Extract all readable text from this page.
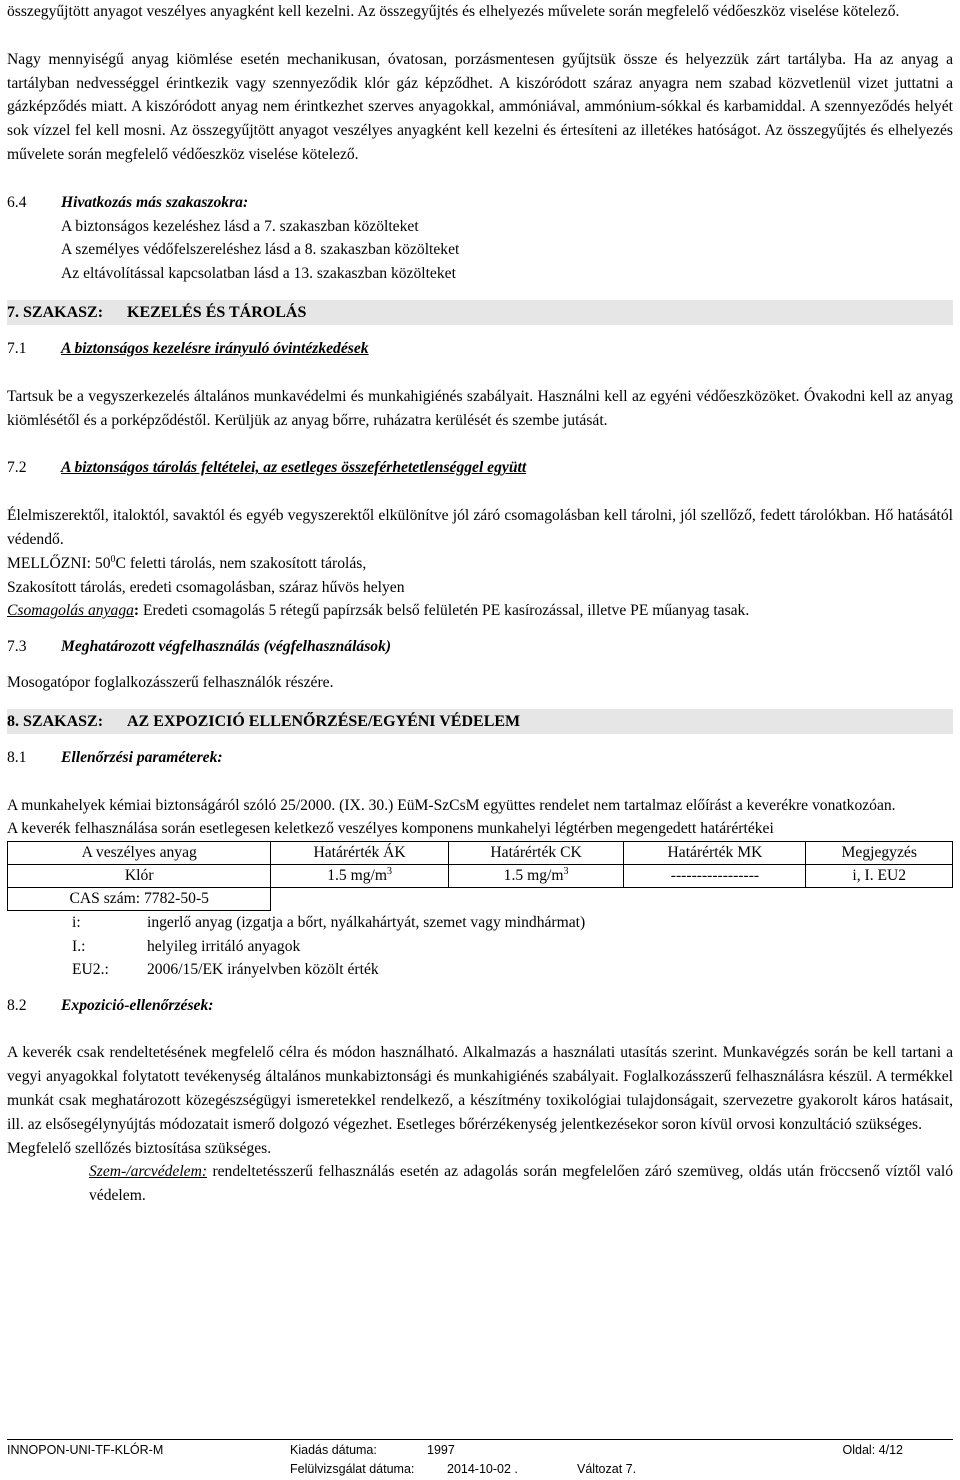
összegyűjtött anyagot veszélyes anyagként kell kezelni. Az összegyűjtés és elhelyezés művelete során megfelelő védőeszköz viselése kötelező.

Nagy mennyiségű anyag kiömlése esetén mechanikusan, óvatosan, porzásmentesen gyűjtsük össze és helyezzük zárt tartályba. Ha az anyag a tartályban nedvességgel érintkezik vagy szennyeződik klór gáz képződhet. A kiszóródott száraz anyagra nem szabad közvetlenül vizet juttatni a gázképződés miatt. A kiszóródott anyag nem érintkezhet szerves anyagokkal, ammóniával, ammónium-sókkal és karbamiddal. A szennyeződés helyét sok vízzel fel kell mosni. Az összegyűjtött anyagot veszélyes anyagként kell kezelni és értesíteni az illetékes hatóságot. Az összegyűjtés és elhelyezés művelete során megfelelő védőeszköz viselése kötelező.

6.4	Hivatkozás más szakaszokra:
A biztonságos kezeléshez lásd a 7. szakaszban közölteket
A személyes védőfelszereléshez lásd a 8. szakaszban közölteket
Az eltávolítással kapcsolatban lásd a 13. szakaszban közölteket
7. SZAKASZ: KEZELÉS ÉS TÁROLÁS
7.1	A biztonságos kezelésre irányuló óvintézkedések

Tartsuk be a vegyszerkezelés általános munkavédelmi és munkahigiénés szabályait. Használni kell az egyéni védőeszközöket. Óvakodni kell az anyag kiömlésétől és a porképződéstől. Kerüljük az anyag bőrre, ruházatra kerülését és szembe jutását.

7.2	A biztonságos tárolás feltételei, az esetleges összeférhetetlenséggel együtt

Élelmiszerektől, italoktól, savaktól és egyéb vegyszerektől elkülönítve jól záró csomagolásban kell tárolni, jól szellőző, fedett tárolókban. Hő hatásától védendő.

MELLŐZNI: $50^0C$ feletti tárolás, nem szakosított tárolás,

Szakosított tárolás, eredeti csomagolásban, száraz hűvös helyen

Csomagolás anyaga: Eredeti csomagolás 5 rétegű papírzsák belső felületén PE kasírozással, illetve PE műanyag tasak.

7.3	Meghatározott végfelhasználás (végfelhasználások)

Mosogatópor foglalkozásszerű felhasználók részére.

8. SZAKASZ: AZ EXPOZICIÓ ELLENŐRZÉSE/EGYÉNI VÉDELEM
8.1	Ellenőrzési paraméterek:

A munkahelyek kémiai biztonságáról szóló 25/2000. (IX. 30.) EüM-SzCsM együttes rendelet nem tartalmaz előírást a keverékre vonatkozóan.

A keverék felhasználása során esetlegesen keletkező veszélyes komponens munkahelyi légtérben megengedett határértékei

A veszélyes anyag	Határérték ÁK	Határérték CK	Határérték MK	Megjegyzés
Klór	1.5 $mg/m^3$	1.5 $mg/m^3$	-----------------	i, I. EU2
CAS szám: 7782-50-5				
i:	ingerlő anyag (izgatja a bőrt, nyálkahártyát, szemet vagy mindhármat)
I.:	helyileg irritáló anyagok
EU2.:	2006/15/EK irányelvben közölt érték
8.2	Expozició-ellenőrzések:

A keverék csak rendeltetésének megfelelő célra és módon használható. Alkalmazás a használati utasítás szerint. Munkavégzés során be kell tartani a vegyi anyagokkal folytatott tevékenység általános munkabiztonsági és munkahigiénés szabályait. Foglalkozásszerű felhasználásra készül. A termékkel munkát csak meghatározott közegészségügyi ismeretekkel rendelkező, a készítmény toxikológiai tulajdonságait, szervezetre gyakorolt káros hatásait, ill. az elsősegélynyújtás módozatait ismerő dolgozó végezhet. Esetleges bőrérzékenység jelentkezésekor soron kívül orvosi konzultáció szükséges.

Megfelelő szellőzés biztosítása szükséges.

Szem-/arcvédelem: rendeltetésszerű felhasználás esetén az adagolás során megfelelően záró szemüveg, oldás után fröccsenő víztől való védelem.

INNOPON-UNI-TF-KLÓR-M	Kiadás dátuma:	1997	Oldal: 4/12
Felülvizsgálat dátuma:	2014-10-02 .	Változat 7.
